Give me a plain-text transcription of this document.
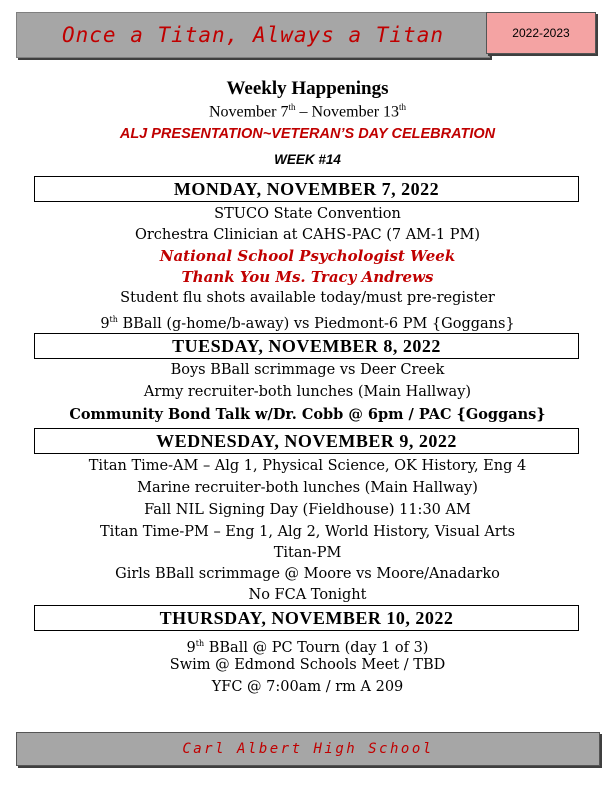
Once a Titan, Always a Titan	2022-2023
Weekly Happenings
November 7th – November 13th
ALJ PRESENTATION~VETERAN’S DAY CELEBRATION
WEEK #14
MONDAY, NOVEMBER 7, 2022
STUCO State Convention
Orchestra Clinician at CAHS-PAC (7 AM-1 PM)
National School Psychologist Week
Thank You Ms. Tracy Andrews
Student flu shots available today/must pre-register
9th BBall (g-home/b-away) vs Piedmont-6 PM {Goggans}
TUESDAY, NOVEMBER 8, 2022
Boys BBall scrimmage vs Deer Creek
Army recruiter-both lunches (Main Hallway)
Community Bond Talk w/Dr. Cobb @ 6pm / PAC {Goggans}
WEDNESDAY, NOVEMBER 9, 2022
Titan Time-AM – Alg 1, Physical Science, OK History, Eng 4
Marine recruiter-both lunches (Main Hallway)
Fall NIL Signing Day (Fieldhouse) 11:30 AM
Titan Time-PM – Eng 1, Alg 2, World History, Visual Arts
Titan-PM
Girls BBall scrimmage @ Moore vs Moore/Anadarko
No FCA Tonight
THURSDAY, NOVEMBER 10, 2022
9th BBall @ PC Tourn (day 1 of 3)
Swim @ Edmond Schools Meet / TBD
YFC @ 7:00am / rm A 209
Carl Albert High School
